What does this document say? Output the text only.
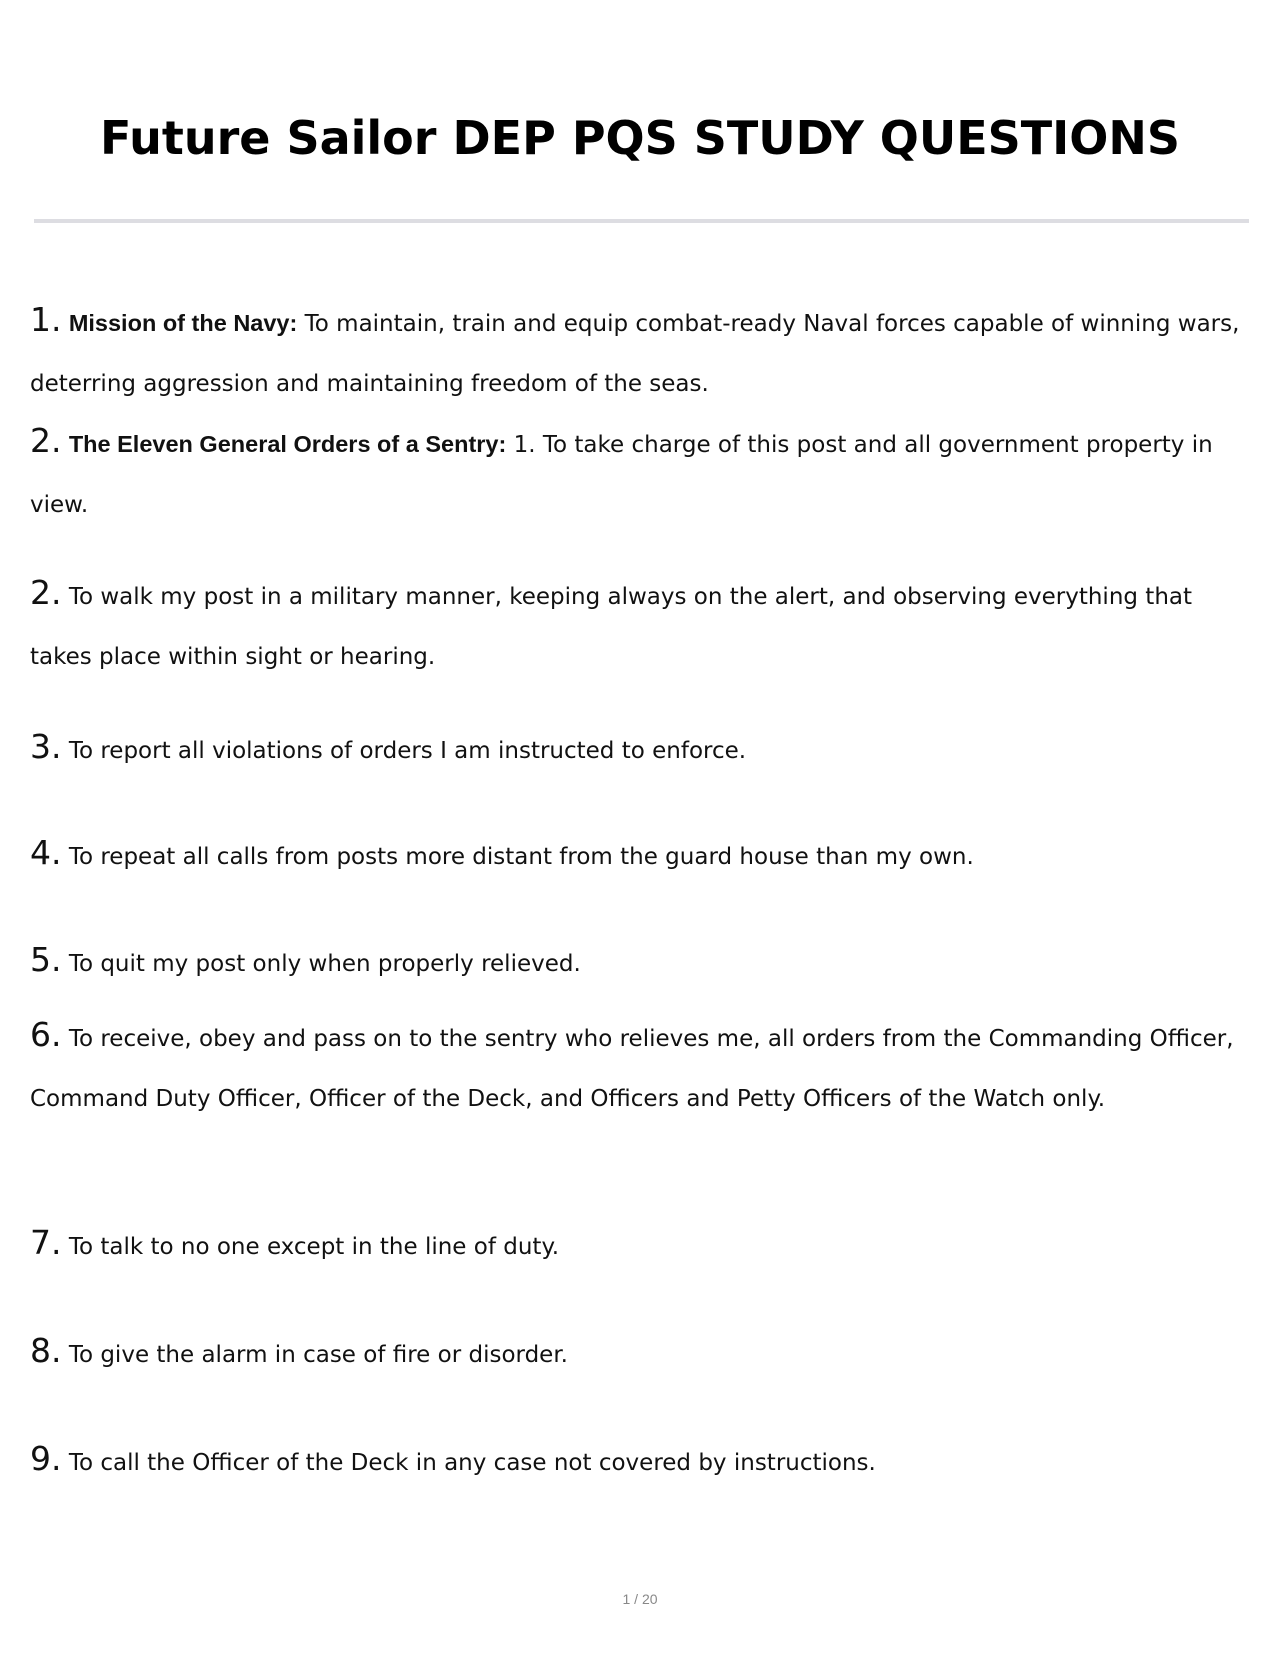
Future Sailor DEP PQS STUDY QUESTIONS
1. Mission of the Navy: To maintain, train and equip combat-ready Naval forces capable of winning wars, deterring aggression and maintaining freedom of the seas.
2. The Eleven General Orders of a Sentry: 1. To take charge of this post and all government property in view.
2. To walk my post in a military manner, keeping always on the alert, and observing everything that takes place within sight or hearing.
3. To report all violations of orders I am instructed to enforce.
4. To repeat all calls from posts more distant from the guard house than my own.
5. To quit my post only when properly relieved.
6. To receive, obey and pass on to the sentry who relieves me, all orders from the Commanding Officer, Command Duty Officer, Officer of the Deck, and Officers and Petty Officers of the Watch only.
7. To talk to no one except in the line of duty.
8. To give the alarm in case of fire or disorder.
9. To call the Officer of the Deck in any case not covered by instructions.
1 / 20
